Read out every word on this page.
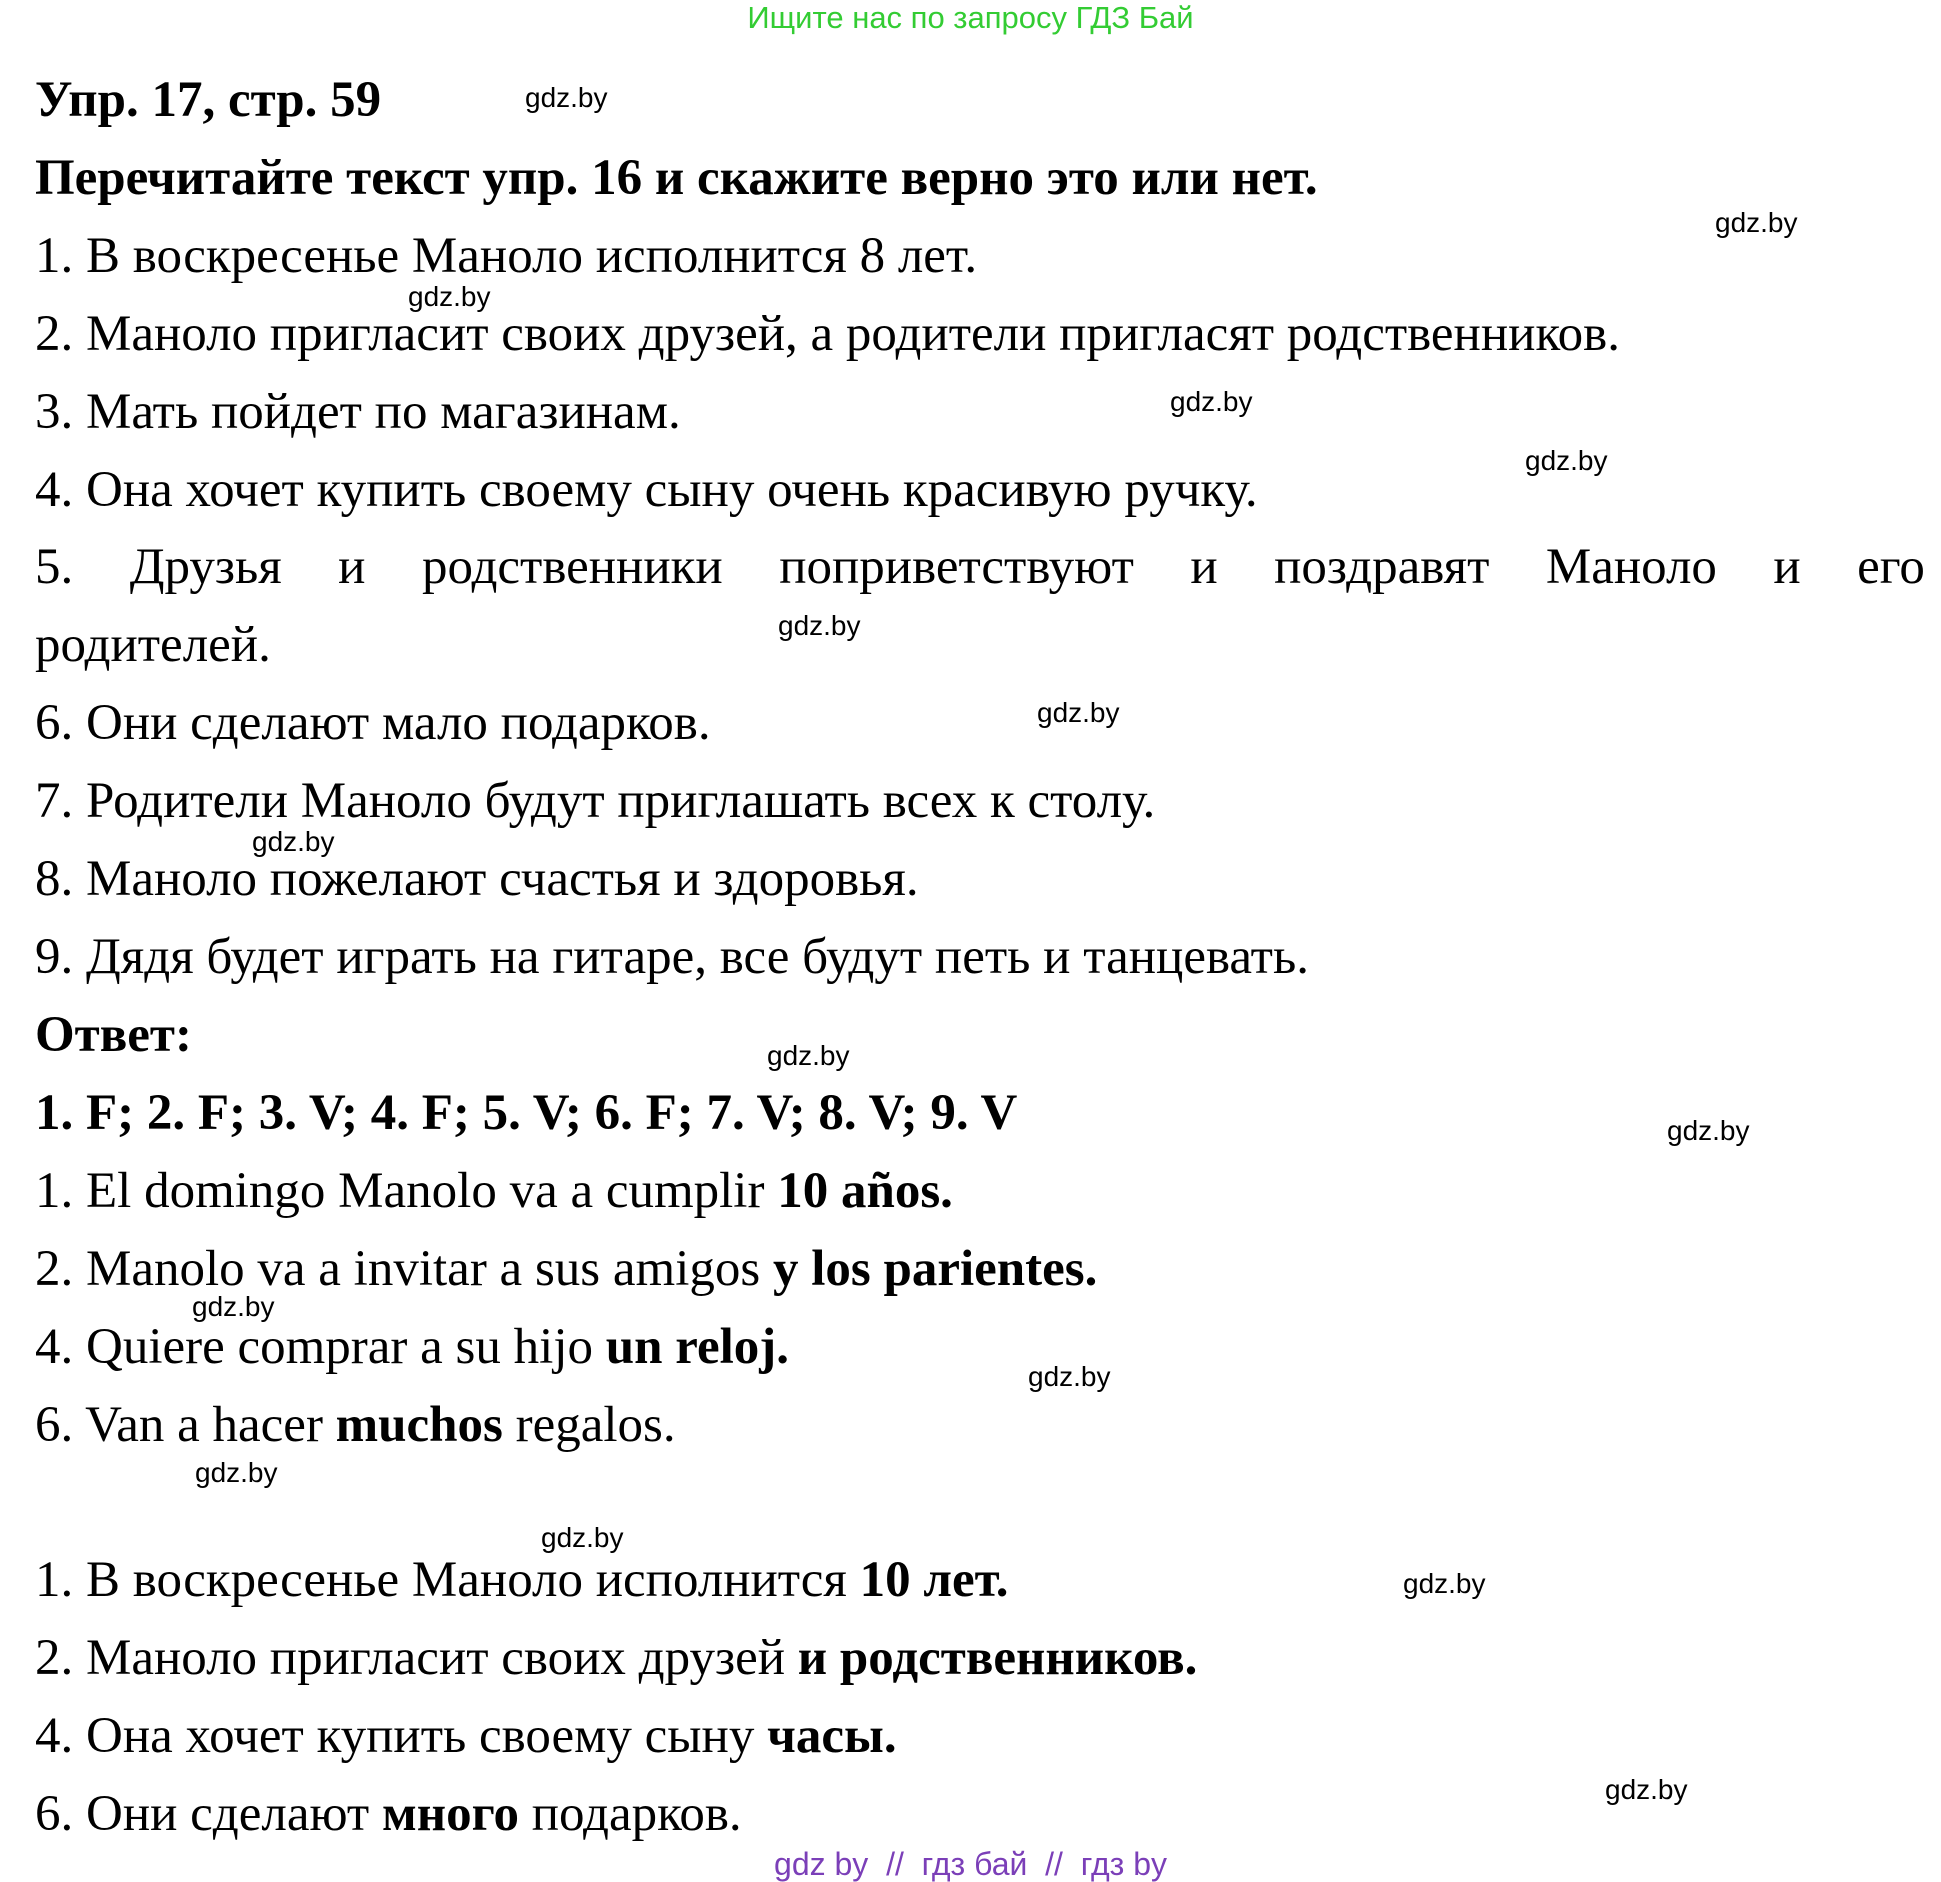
Ищите нас по запросу ГДЗ Бай
Упр. 17, стр. 59
Перечитайте текст упр. 16 и скажите верно это или нет.
1. В воскресенье Маноло исполнится 8 лет.
2. Маноло пригласит своих друзей, а родители пригласят родственников.
3. Мать пойдет по магазинам.
4. Она хочет купить своему сыну очень красивую ручку.
5. Друзья и родственники поприветствуют и поздравят Маноло и его
родителей.
6. Они сделают мало подарков.
7. Родители Маноло будут приглашать всех к столу.
8. Маноло пожелают счастья и здоровья.
9. Дядя будет играть на гитаре, все будут петь и танцевать.
Ответ:
1. F; 2. F; 3. V; 4. F; 5. V; 6. F; 7. V; 8. V; 9. V
1. El domingo Manolo va a cumplir 10 años.
2. Manolo va a invitar a sus amigos y los parientes.
4. Quiere comprar a su hijo un reloj.
6. Van a hacer muchos regalos.
1. В воскресенье Маноло исполнится 10 лет.
2. Маноло пригласит своих друзей и родственников.
4. Она хочет купить своему сыну часы.
6. Они сделают много подарков.
gdz.by
gdz.by
gdz.by
gdz.by
gdz.by
gdz.by
gdz.by
gdz.by
gdz.by
gdz.by
gdz.by
gdz.by
gdz.by
gdz.by
gdz.by
gdz.by
gdz by  //  гдз бай  //  гдз by
